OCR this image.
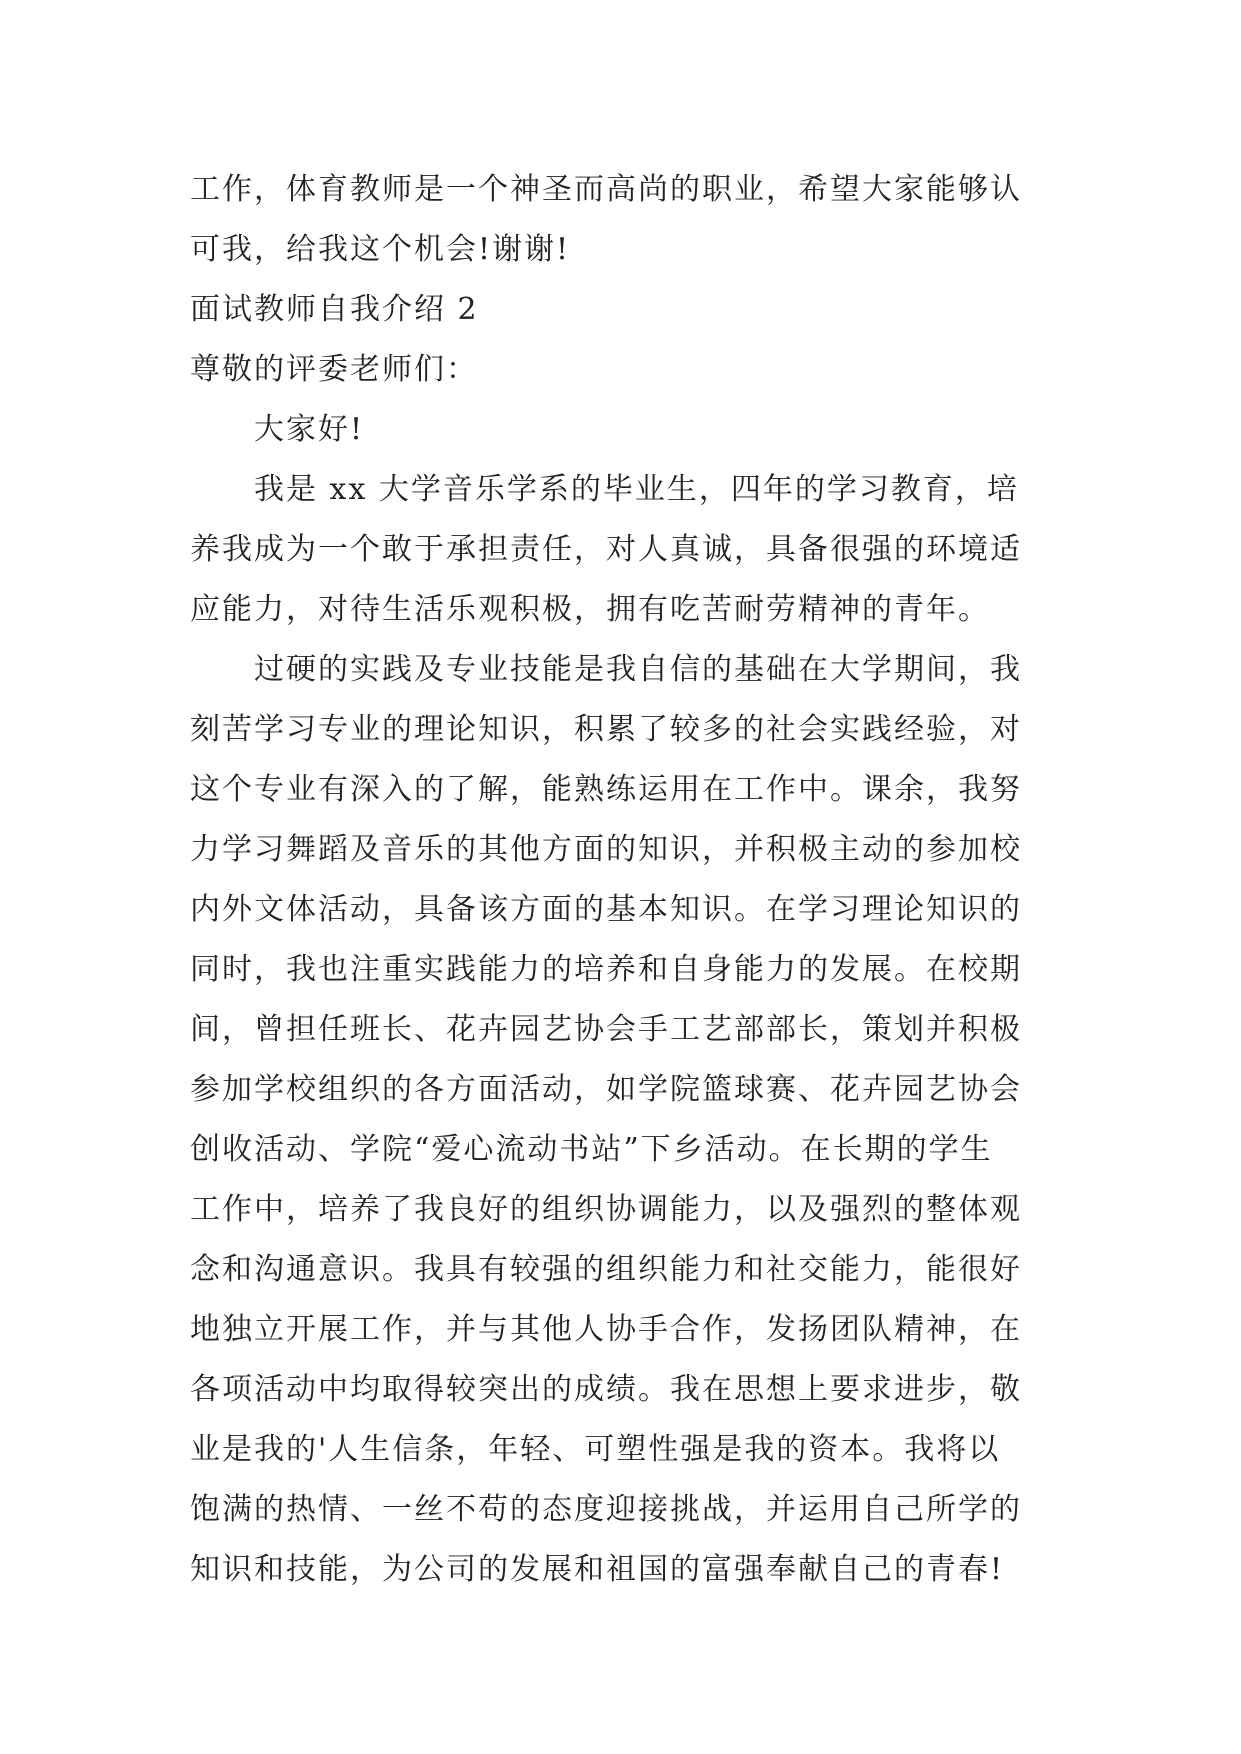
工作，体育教师是一个神圣而高尚的职业，希望大家能够认
可我，给我这个机会!谢谢!
面试教师自我介绍 2
尊敬的评委老师们：
大家好!
我是 xx 大学音乐学系的毕业生，四年的学习教育，培
养我成为一个敢于承担责任，对人真诚，具备很强的环境适
应能力，对待生活乐观积极，拥有吃苦耐劳精神的青年。
过硬的实践及专业技能是我自信的基础在大学期间，我
刻苦学习专业的理论知识，积累了较多的社会实践经验，对
这个专业有深入的了解，能熟练运用在工作中。课余，我努
力学习舞蹈及音乐的其他方面的知识，并积极主动的参加校
内外文体活动，具备该方面的基本知识。在学习理论知识的
同时，我也注重实践能力的培养和自身能力的发展。在校期
间，曾担任班长、花卉园艺协会手工艺部部长，策划并积极
参加学校组织的各方面活动，如学院篮球赛、花卉园艺协会
创收活动、学院“爱心流动书站”下乡活动。在长期的学生
工作中，培养了我良好的组织协调能力，以及强烈的整体观
念和沟通意识。我具有较强的组织能力和社交能力，能很好
地独立开展工作，并与其他人协手合作，发扬团队精神，在
各项活动中均取得较突出的成绩。我在思想上要求进步，敬
业是我的'人生信条，年轻、可塑性强是我的资本。我将以
饱满的热情、一丝不苟的态度迎接挑战，并运用自己所学的
知识和技能，为公司的发展和祖国的富强奉献自己的青春!
